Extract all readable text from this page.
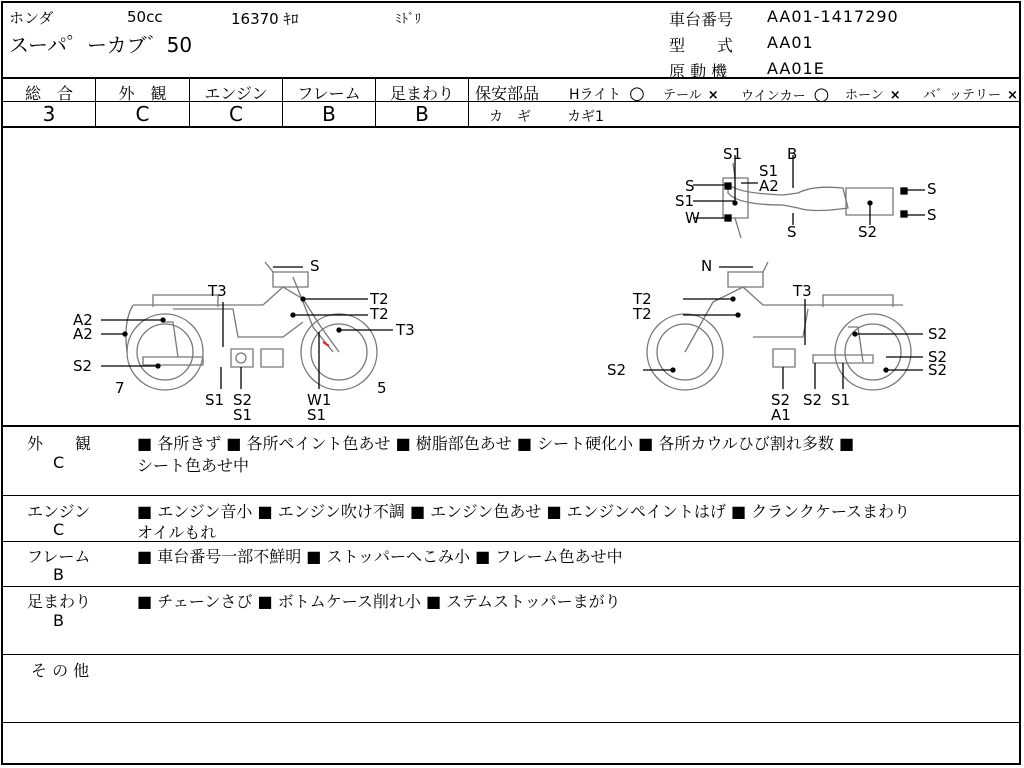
ホンダ	50cc	16370 ｷﾛ	ﾐﾄﾞﾘ
スーパ゜ーカブ゛50
車台番号 AA01-1417290
型　　式 AA01
原 動 機 AA01E
総　合
3
外　観
C
エンジン
C
フレーム
B
足まわり
B
保安部品 Hライト ○ テール × ウインカー ○ ホーン × バ゛ッテリー ×
カ　ギ	カギ1
S
T3	T2
T2
T3
A2
A2
S2
7
S1 S2
S1
W1
S1
5
N
T2
T2
T3
S2
S2
S2	S2
S2
A1
S2 S1
S1	B
S1
A2
S
S1
W
S
S
S
S2
外　　観
C
■ 各所きず ■ 各所ペイント色あせ ■ 樹脂部色あせ ■ シート硬化小 ■ 各所カウルひび割れ多数 ■
シート色あせ中
エンジン
C
■ エンジン音小 ■ エンジン吹け不調 ■ エンジン色あせ ■ エンジンペイントはげ ■ クランクケースまわり
オイルもれ
フレーム
B
■ 車台番号一部不鮮明 ■ ストッパーへこみ小 ■ フレーム色あせ中
足まわり
B
■ チェーンさび ■ ボトムケース削れ小 ■ ステムストッパーまがり
そ の 他
